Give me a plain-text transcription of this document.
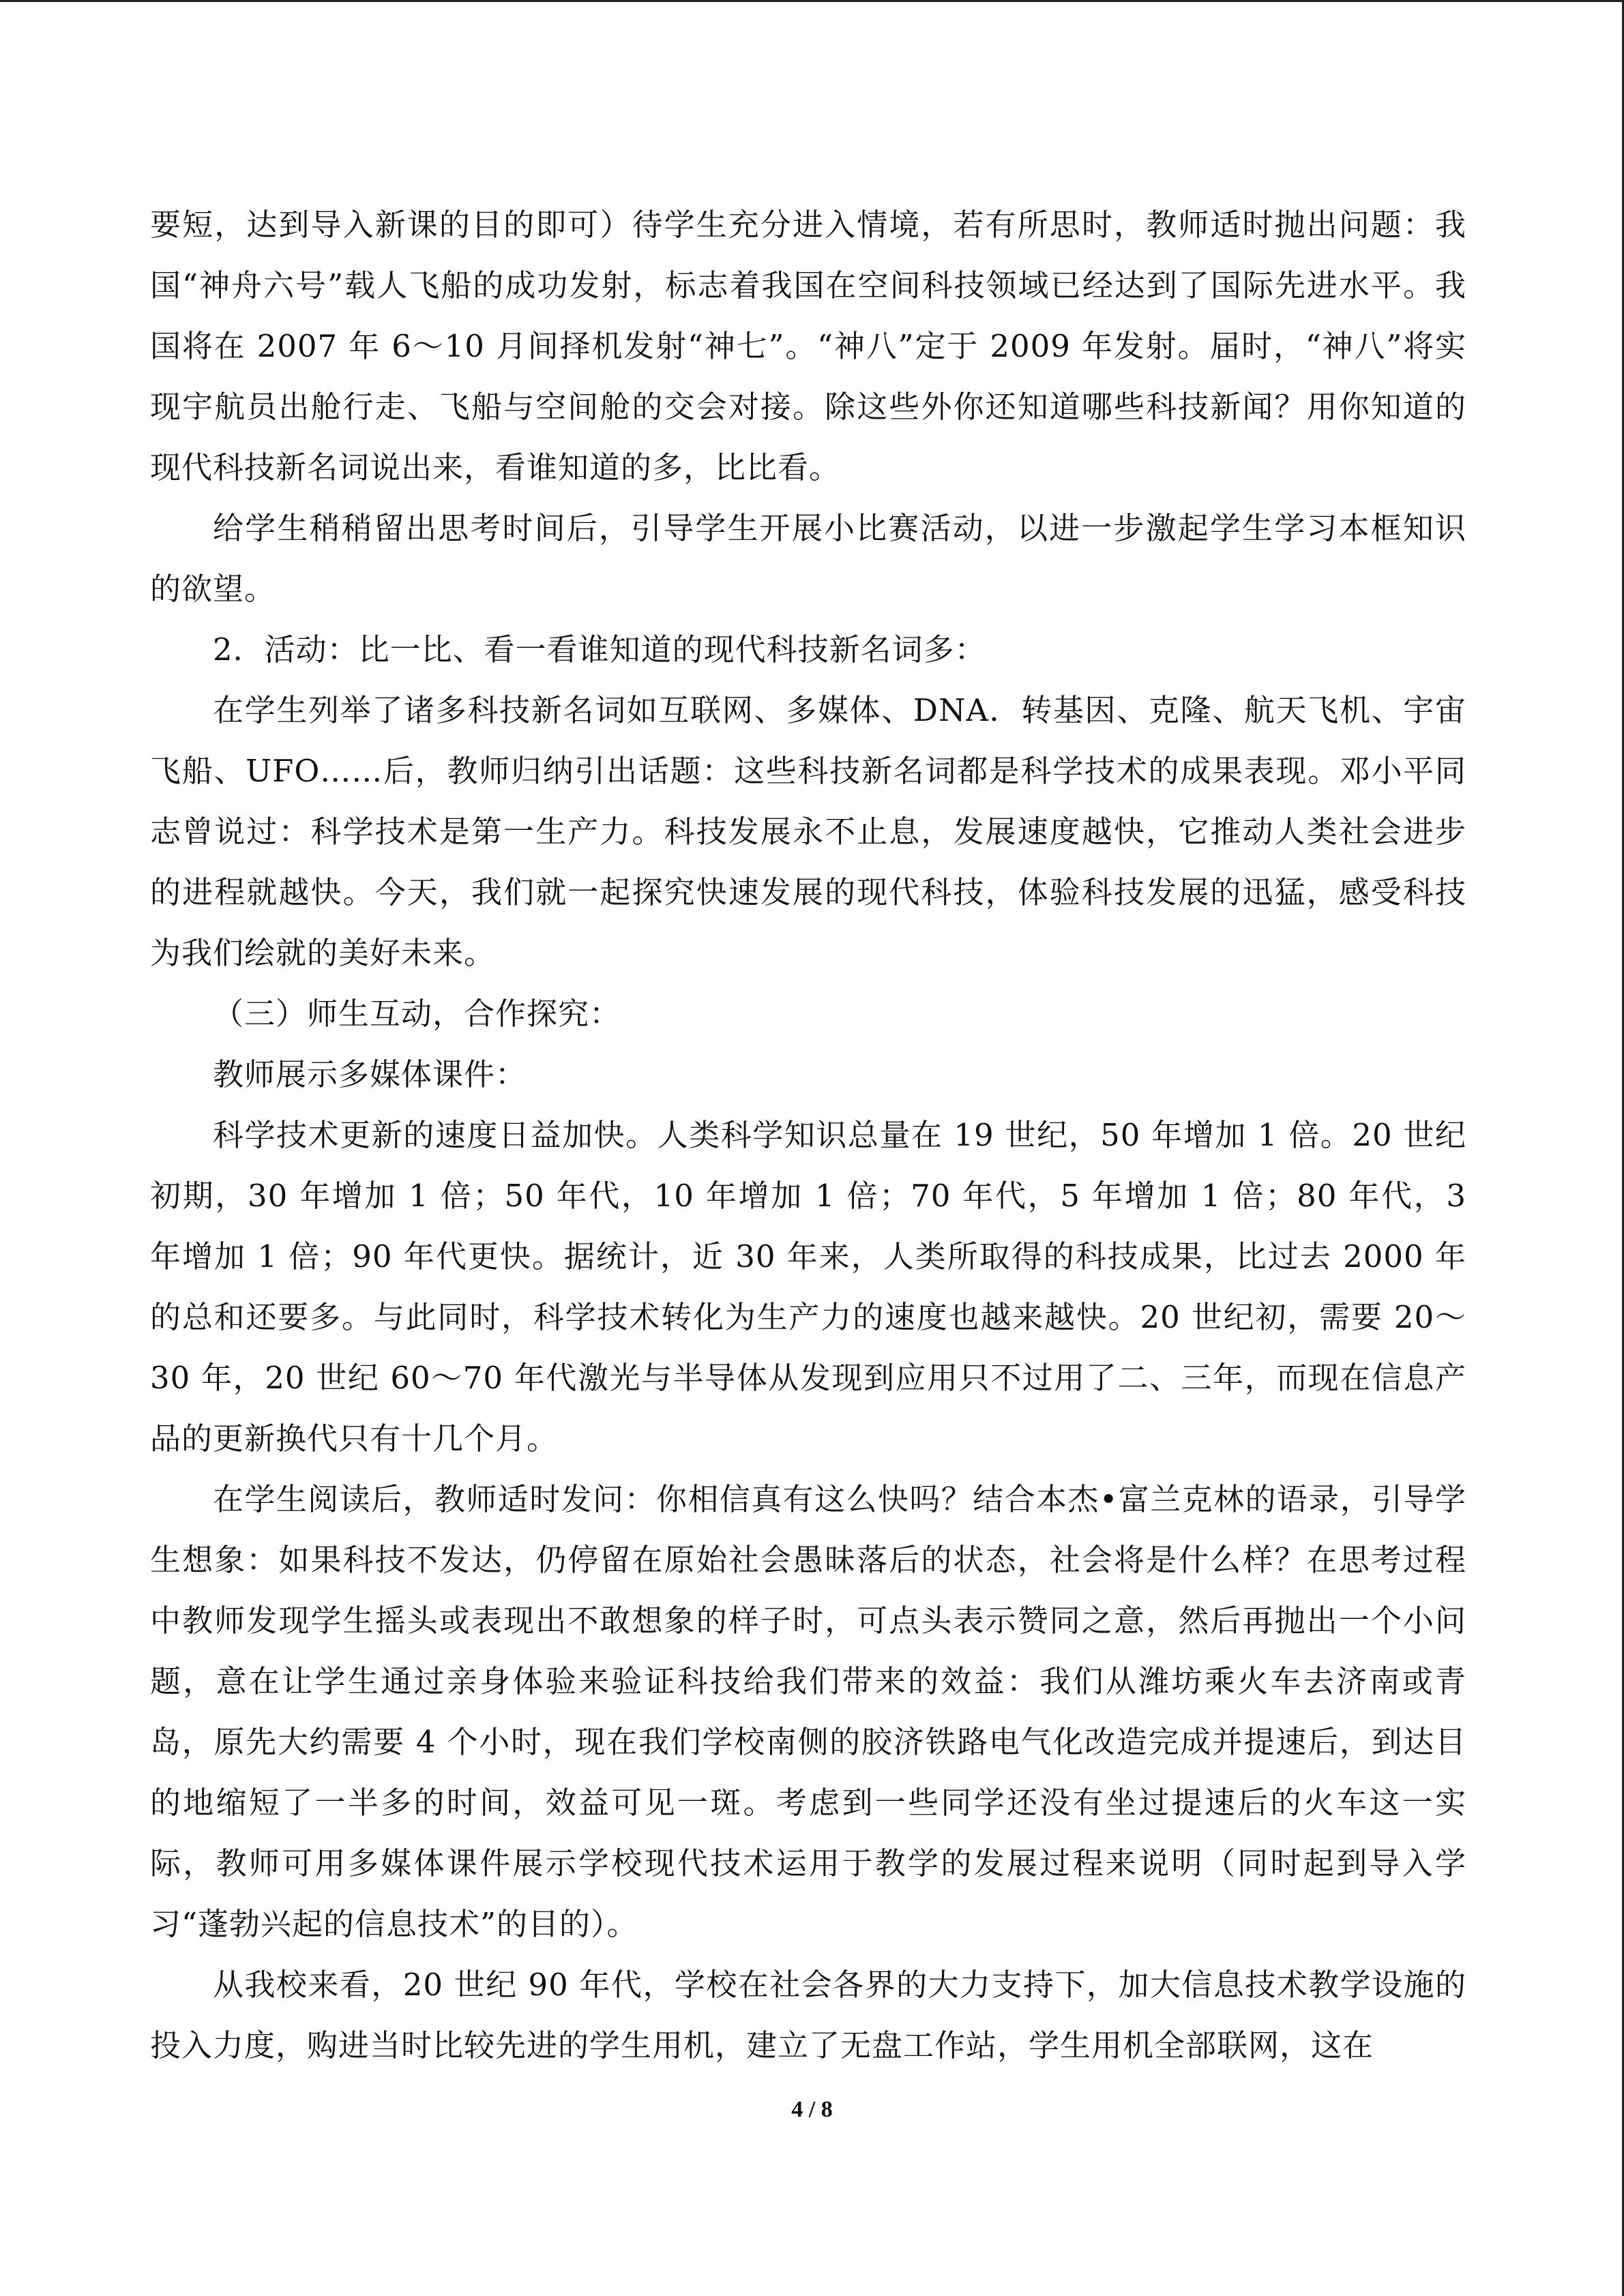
要短，达到导入新课的目的即可）待学生充分进入情境，若有所思时，教师适时抛出问题：我国“神舟六号”载人飞船的成功发射，标志着我国在空间科技领域已经达到了国际先进水平。我国将在 2007 年 6～10 月间择机发射“神七”。“神八”定于 2009 年发射。届时，“神八”将实现宇航员出舱行走、飞船与空间舱的交会对接。除这些外你还知道哪些科技新闻？用你知道的现代科技新名词说出来，看谁知道的多，比比看。

给学生稍稍留出思考时间后，引导学生开展小比赛活动，以进一步激起学生学习本框知识的欲望。

2．活动：比一比、看一看谁知道的现代科技新名词多：

在学生列举了诸多科技新名词如互联网、多媒体、DNA．转基因、克隆、航天飞机、宇宙飞船、UFO……后，教师归纳引出话题：这些科技新名词都是科学技术的成果表现。邓小平同志曾说过：科学技术是第一生产力。科技发展永不止息，发展速度越快，它推动人类社会进步的进程就越快。今天，我们就一起探究快速发展的现代科技，体验科技发展的迅猛，感受科技为我们绘就的美好未来。

（三）师生互动，合作探究：

教师展示多媒体课件：

科学技术更新的速度日益加快。人类科学知识总量在 19 世纪，50 年增加 1 倍。20 世纪初期，30 年增加 1 倍；50 年代，10 年增加 1 倍；70 年代，5 年增加 1 倍；80 年代，3 年增加 1 倍；90 年代更快。据统计，近 30 年来，人类所取得的科技成果，比过去 2000 年的总和还要多。与此同时，科学技术转化为生产力的速度也越来越快。20 世纪初，需要 20～30 年，20 世纪 60～70 年代激光与半导体从发现到应用只不过用了二、三年，而现在信息产品的更新换代只有十几个月。

在学生阅读后，教师适时发问：你相信真有这么快吗？结合本杰•富兰克林的语录，引导学生想象：如果科技不发达，仍停留在原始社会愚昧落后的状态，社会将是什么样？在思考过程中教师发现学生摇头或表现出不敢想象的样子时，可点头表示赞同之意，然后再抛出一个小问题，意在让学生通过亲身体验来验证科技给我们带来的效益：我们从潍坊乘火车去济南或青岛，原先大约需要 4 个小时，现在我们学校南侧的胶济铁路电气化改造完成并提速后，到达目的地缩短了一半多的时间，效益可见一斑。考虑到一些同学还没有坐过提速后的火车这一实际，教师可用多媒体课件展示学校现代技术运用于教学的发展过程来说明（同时起到导入学习“蓬勃兴起的信息技术”的目的）。

从我校来看，20 世纪 90 年代，学校在社会各界的大力支持下，加大信息技术教学设施的投入力度，购进当时比较先进的学生用机，建立了无盘工作站，学生用机全部联网，这在

4 / 8
